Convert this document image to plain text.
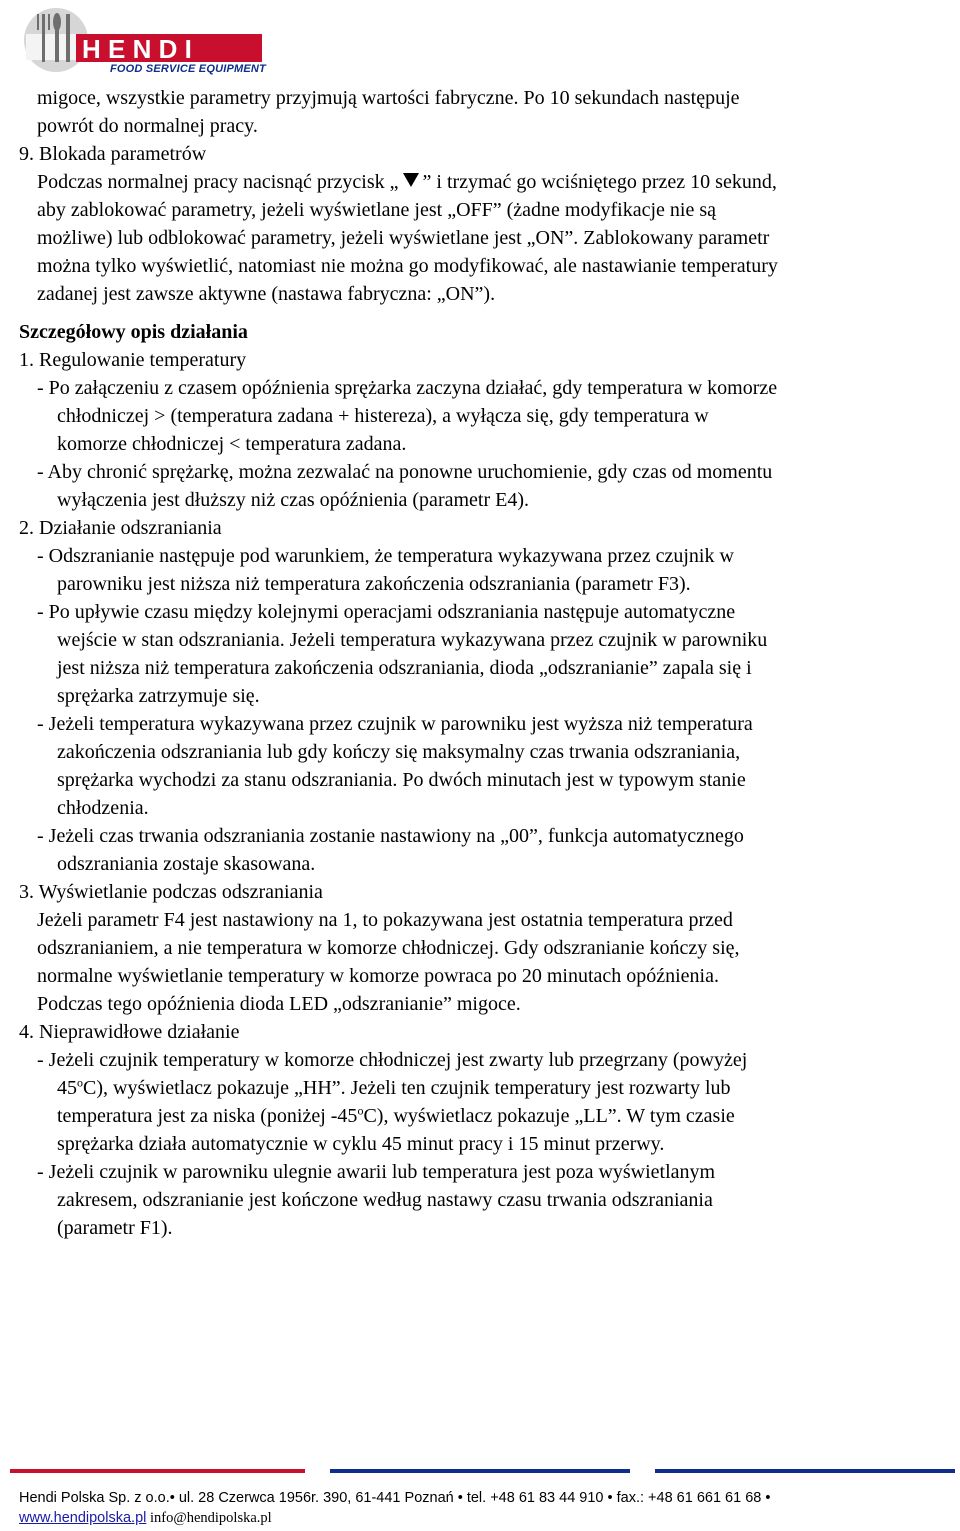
H E N D I
FOOD SERVICE EQUIPMENT
migoce, wszystkie parametry przyjmują wartości fabryczne. Po 10 sekundach następuje
powrót do normalnej pracy.
9. Blokada parametrów
Podczas normalnej pracy nacisnąć przycisk „ ” i trzymać go wciśniętego przez 10 sekund,
aby zablokować parametry, jeżeli wyświetlane jest „OFF” (żadne modyfikacje nie są
możliwe) lub odblokować parametry, jeżeli wyświetlane jest „ON”. Zablokowany parametr
można tylko wyświetlić, natomiast nie można go modyfikować, ale nastawianie temperatury
zadanej jest zawsze aktywne (nastawa fabryczna: „ON”).
Szczegółowy opis działania
1. Regulowanie temperatury
- Po załączeniu z czasem opóźnienia sprężarka zaczyna działać, gdy temperatura w komorze
chłodniczej > (temperatura zadana + histereza), a wyłącza się, gdy temperatura w
komorze chłodniczej < temperatura zadana.
- Aby chronić sprężarkę, można zezwalać na ponowne uruchomienie, gdy czas od momentu
wyłączenia jest dłuższy niż czas opóźnienia (parametr E4).
2. Działanie odszraniania
- Odszranianie następuje pod warunkiem, że temperatura wykazywana przez czujnik w
parowniku jest niższa niż temperatura zakończenia odszraniania (parametr F3).
- Po upływie czasu między kolejnymi operacjami odszraniania następuje automatyczne
wejście w stan odszraniania. Jeżeli temperatura wykazywana przez czujnik w parowniku
jest niższa niż temperatura zakończenia odszraniania, dioda „odszranianie” zapala się i
sprężarka zatrzymuje się.
- Jeżeli temperatura wykazywana przez czujnik w parowniku jest wyższa niż temperatura
zakończenia odszraniania lub gdy kończy się maksymalny czas trwania odszraniania,
sprężarka wychodzi za stanu odszraniania. Po dwóch minutach jest w typowym stanie
chłodzenia.
- Jeżeli czas trwania odszraniania zostanie nastawiony na „00”, funkcja automatycznego
odszraniania zostaje skasowana.
3. Wyświetlanie podczas odszraniania
Jeżeli parametr F4 jest nastawiony na 1, to pokazywana jest ostatnia temperatura przed
odszranianiem, a nie temperatura w komorze chłodniczej. Gdy odszranianie kończy się,
normalne wyświetlanie temperatury w komorze powraca po 20 minutach opóźnienia.
Podczas tego opóźnienia dioda LED „odszranianie” migoce.
4. Nieprawidłowe działanie
- Jeżeli czujnik temperatury w komorze chłodniczej jest zwarty lub przegrzany (powyżej
45$^o$C), wyświetlacz pokazuje „HH”. Jeżeli ten czujnik temperatury jest rozwarty lub
temperatura jest za niska (poniżej -45$^o$C), wyświetlacz pokazuje „LL”. W tym czasie
sprężarka działa automatycznie w cyklu 45 minut pracy i 15 minut przerwy.
- Jeżeli czujnik w parowniku ulegnie awarii lub temperatura jest poza wyświetlanym
zakresem, odszranianie jest kończone według nastawy czasu trwania odszraniania
(parametr F1).
Hendi Polska Sp. z o.o.• ul. 28 Czerwca 1956r. 390, 61-441 Poznań • tel. +48 61 83 44 910 • fax.: +48 61 661 61 68 •
www.hendipolska.pl info@hendipolska.pl
